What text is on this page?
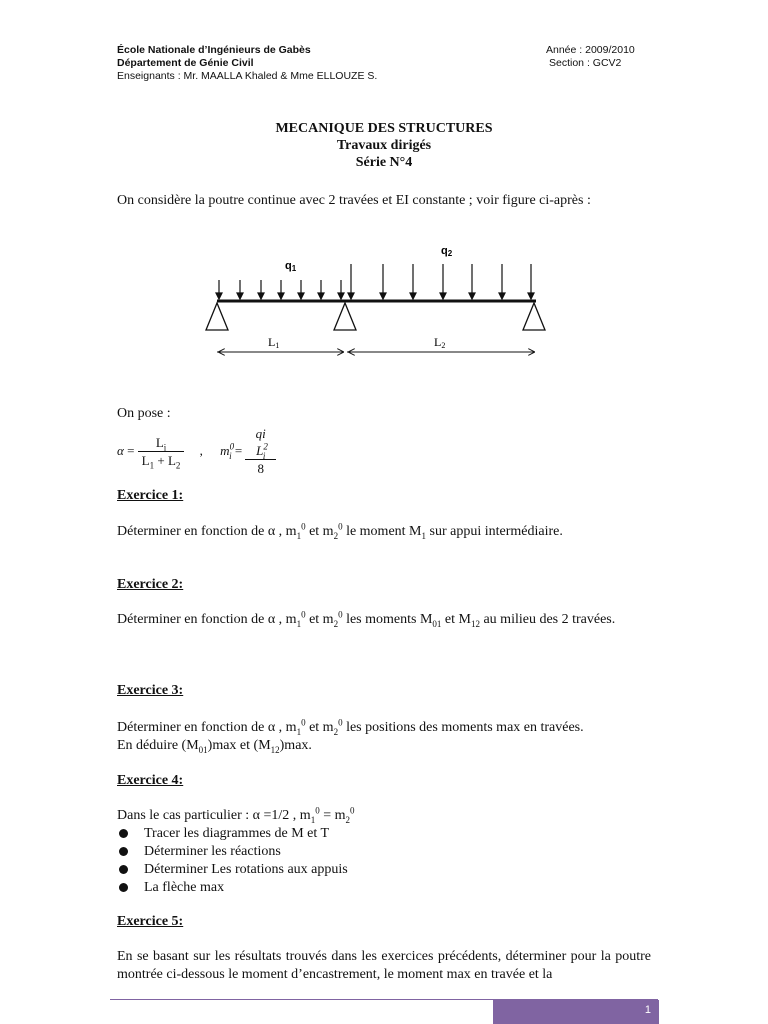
École Nationale d’Ingénieurs de Gabès
Département de Génie Civil
Enseignants : Mr. MAALLA Khaled & Mme ELLOUZE S.
Année : 2009/2010
Section : GCV2
MECANIQUE DES STRUCTURES
Travaux dirigés
Série N°4
On considère la poutre continue avec 2 travées et EI constante ; voir figure ci-après :
q1
q2
L1	L2
On pose :
$\alpha = \frac{L_i}{L_1 + L_2}$ , $m^0_i = \frac{qi L^2_i}{8}$
Exercice 1:
Déterminer en fonction de α , $m_1^0$ et $m_2^0$ le moment $M_1$ sur appui intermédiaire.
Exercice 2:
Déterminer en fonction de α , $m_1^0$ et $m_2^0$ les moments $M_{01}$ et $M_{12}$ au milieu des 2 travées.
Exercice 3:
Déterminer en fonction de α , $m_1^0$ et $m_2^0$ les positions des moments max en travées.
En déduire $(M_{01})\max$ et $(M_{12})\max$.
Exercice 4:
Dans le cas particulier : α =1/2 , $m_1^0 = m_2^0$
Tracer les diagrammes de M et T
Déterminer les réactions
Déterminer Les rotations aux appuis
La flèche max
Exercice 5:
En se basant sur les résultats trouvés dans les exercices précédents, déterminer pour la poutre montrée ci-dessous le moment d’encastrement, le moment max en travée et la
1
